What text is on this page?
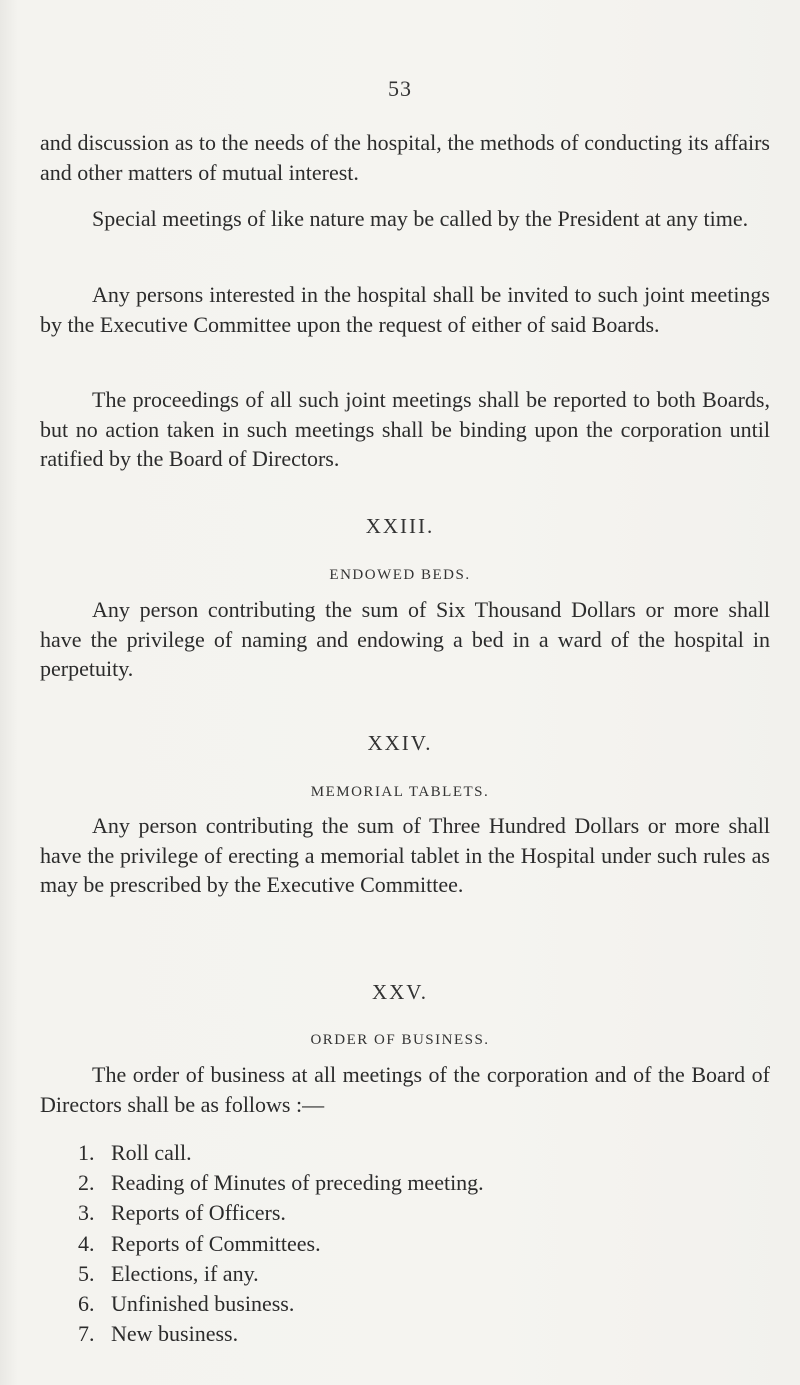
53

and discussion as to the needs of the hospital, the methods of conducting its affairs and other matters of mutual interest.

Special meetings of like nature may be called by the President at any time.

Any persons interested in the hospital shall be invited to such joint meetings by the Executive Committee upon the request of either of said Boards.

The proceedings of all such joint meetings shall be reported to both Boards, but no action taken in such meetings shall be binding upon the corporation until ratified by the Board of Directors.

XXIII.
ENDOWED BEDS.

Any person contributing the sum of Six Thousand Dollars or more shall have the privilege of naming and endowing a bed in a ward of the hospital in perpetuity.

XXIV.
MEMORIAL TABLETS.

Any person contributing the sum of Three Hundred Dollars or more shall have the privilege of erecting a memorial tablet in the Hospital under such rules as may be prescribed by the Executive Committee.

XXV.
ORDER OF BUSINESS.

The order of business at all meetings of the corporation and of the Board of Directors shall be as follows :—

1. Roll call.
2. Reading of Minutes of preceding meeting.
3. Reports of Officers.
4. Reports of Committees.
5. Elections, if any.
6. Unfinished business.
7. New business.
